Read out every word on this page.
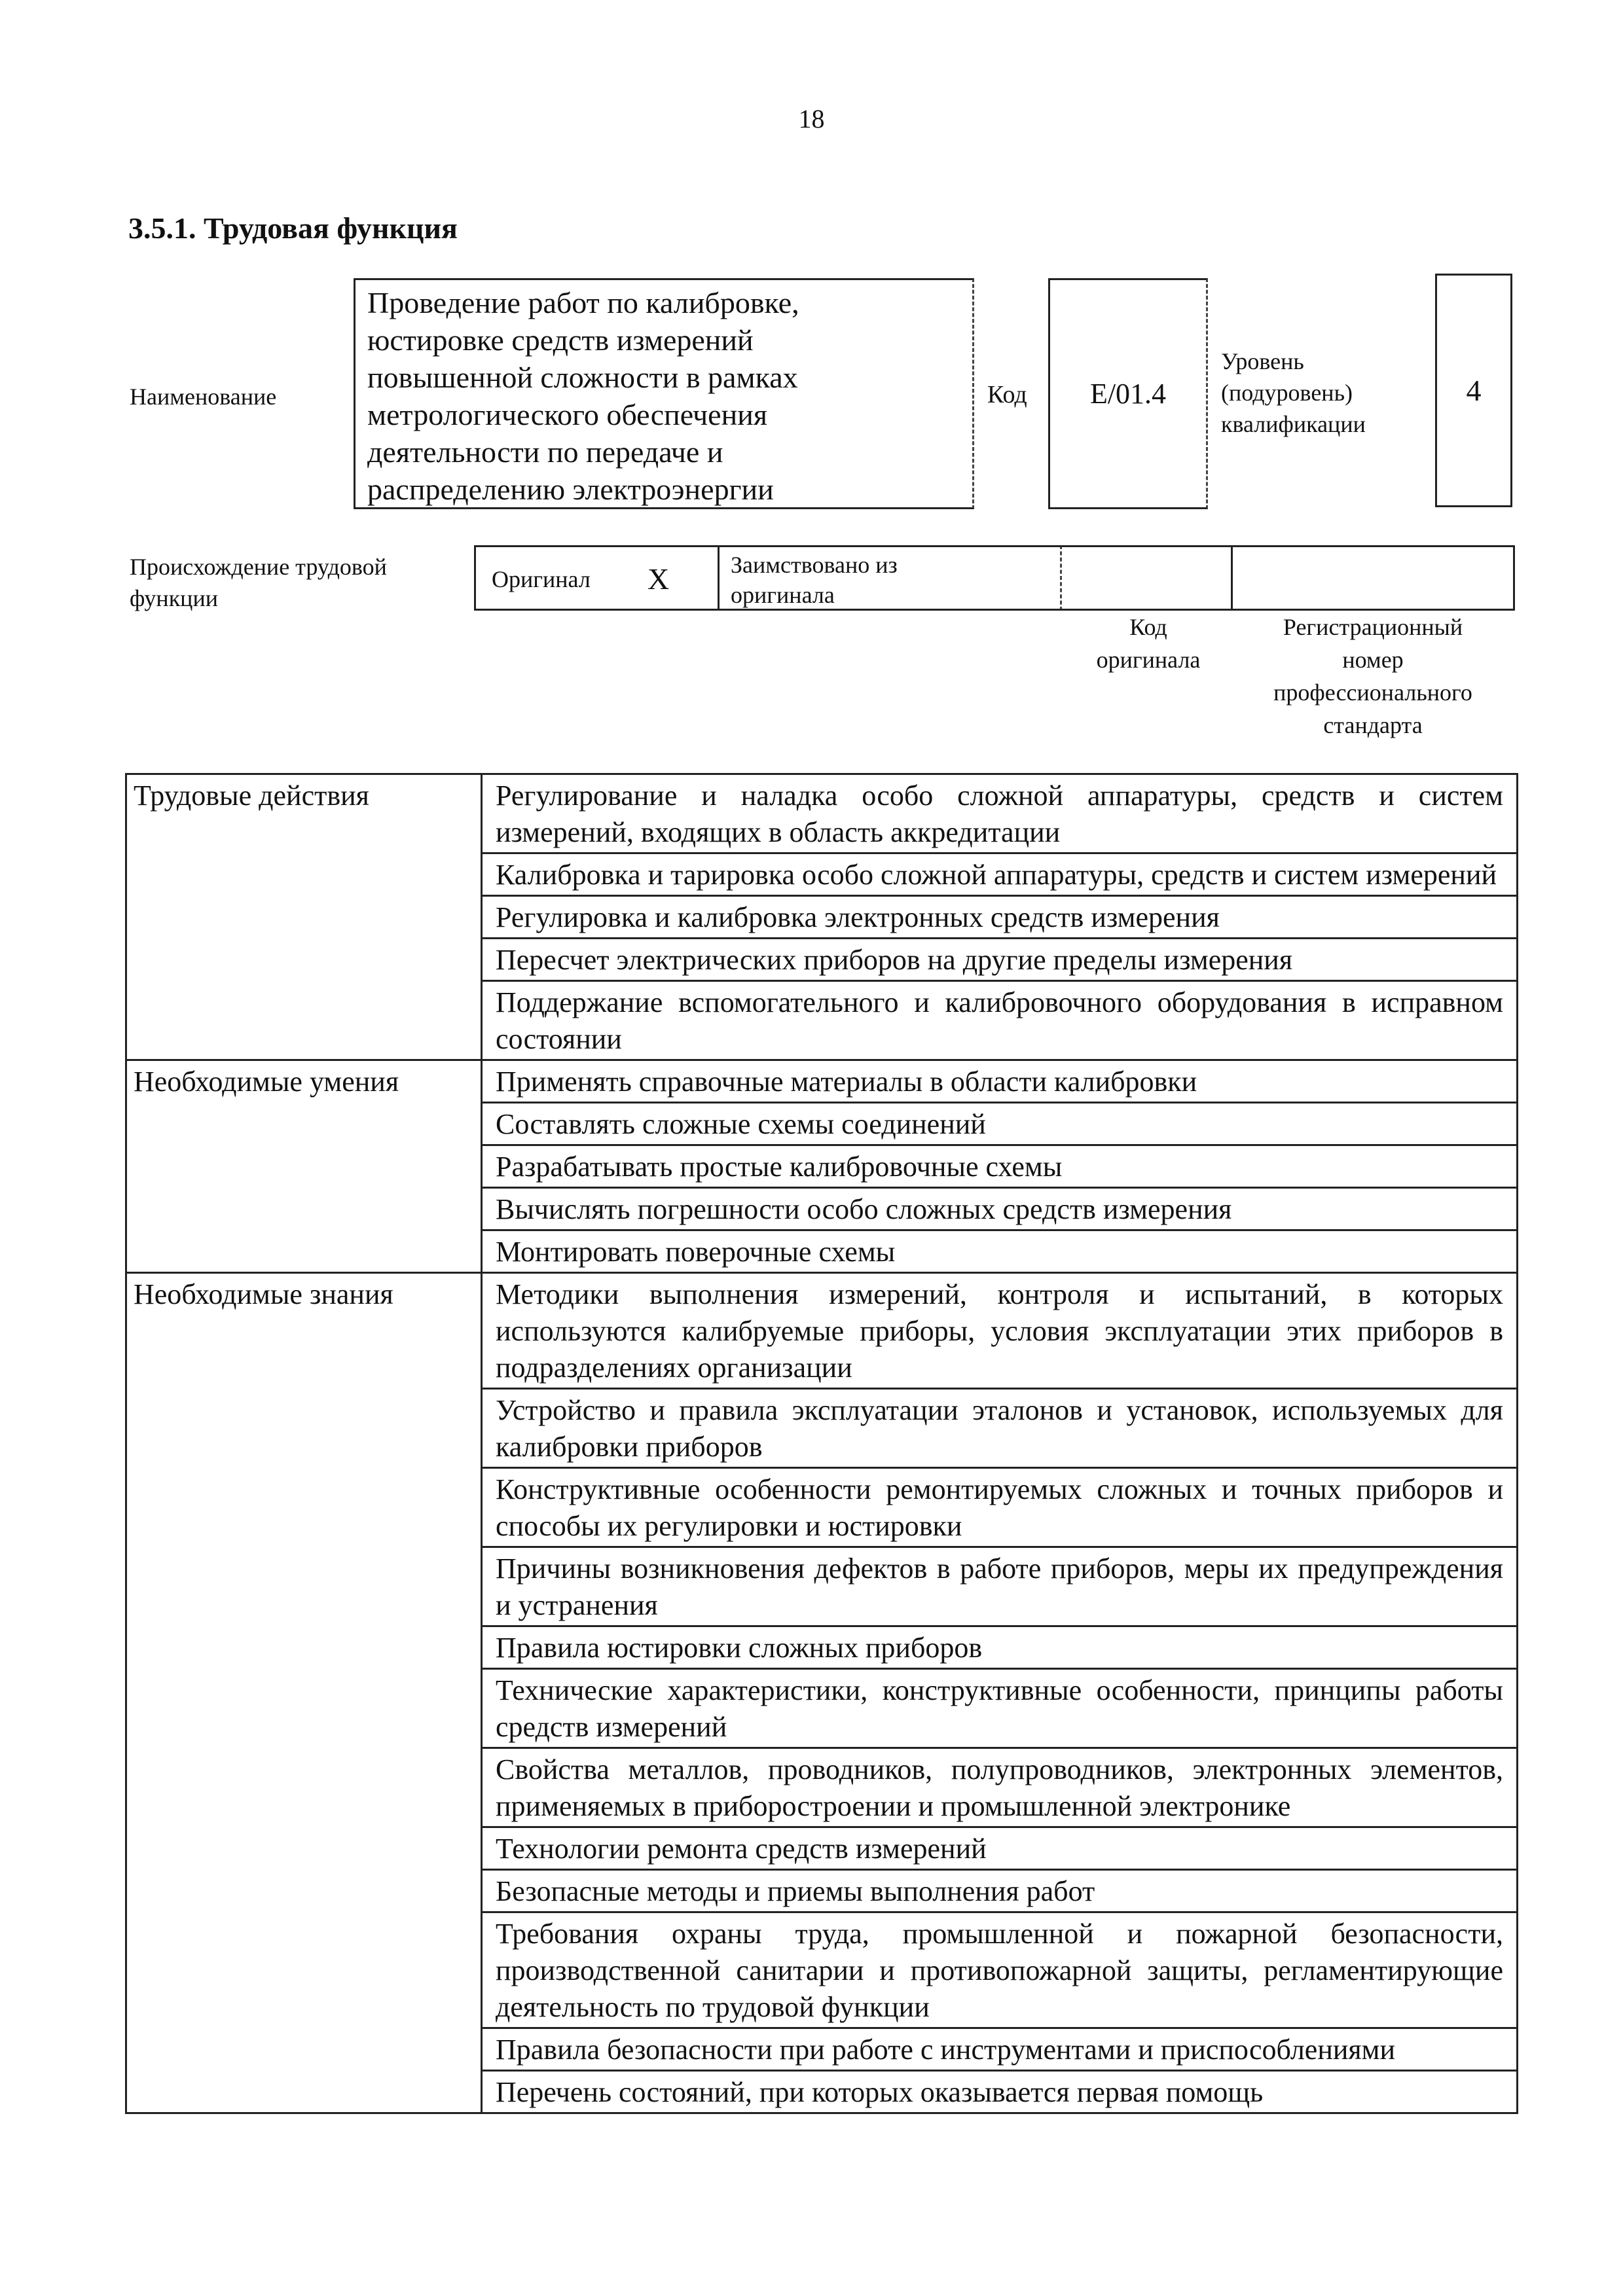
18
3.5.1. Трудовая функция
Наименование
Проведение работ по калибровке,
юстировке средств измерений
повышенной сложности в рамках
метрологического обеспечения
деятельности по передаче и
распределению электроэнергии
Код E/01.4
Уровень
(подуровень)
квалификации
4
Происхождение трудовой
функции
Оригинал X	Заимствовано из
оригинала
Код
оригинала
Регистрационный
номер
профессионального
стандарта
Трудовые действия	Регулирование и наладка особо сложной аппаратуры, средств и систем измерений, входящих в область аккредитации
	Калибровка и тарировка особо сложной аппаратуры, средств и систем измерений
	Регулировка и калибровка электронных средств измерения
	Пересчет электрических приборов на другие пределы измерения
	Поддержание вспомогательного и калибровочного оборудования в исправном состоянии
Необходимые умения	Применять справочные материалы в области калибровки
	Составлять сложные схемы соединений
	Разрабатывать простые калибровочные схемы
	Вычислять погрешности особо сложных средств измерения
	Монтировать поверочные схемы
Необходимые знания	Методики выполнения измерений, контроля и испытаний, в которых используются калибруемые приборы, условия эксплуатации этих приборов в подразделениях организации
	Устройство и правила эксплуатации эталонов и установок, используемых для калибровки приборов
	Конструктивные особенности ремонтируемых сложных и точных приборов и способы их регулировки и юстировки
	Причины возникновения дефектов в работе приборов, меры их предупреждения и устранения
	Правила юстировки сложных приборов
	Технические характеристики, конструктивные особенности, принципы работы средств измерений
	Свойства металлов, проводников, полупроводников, электронных элементов, применяемых в приборостроении и промышленной электронике
	Технологии ремонта средств измерений
	Безопасные методы и приемы выполнения работ
	Требования охраны труда, промышленной и пожарной безопасности, производственной санитарии и противопожарной защиты, регламентирующие деятельность по трудовой функции
	Правила безопасности при работе с инструментами и приспособлениями
	Перечень состояний, при которых оказывается первая помощь
